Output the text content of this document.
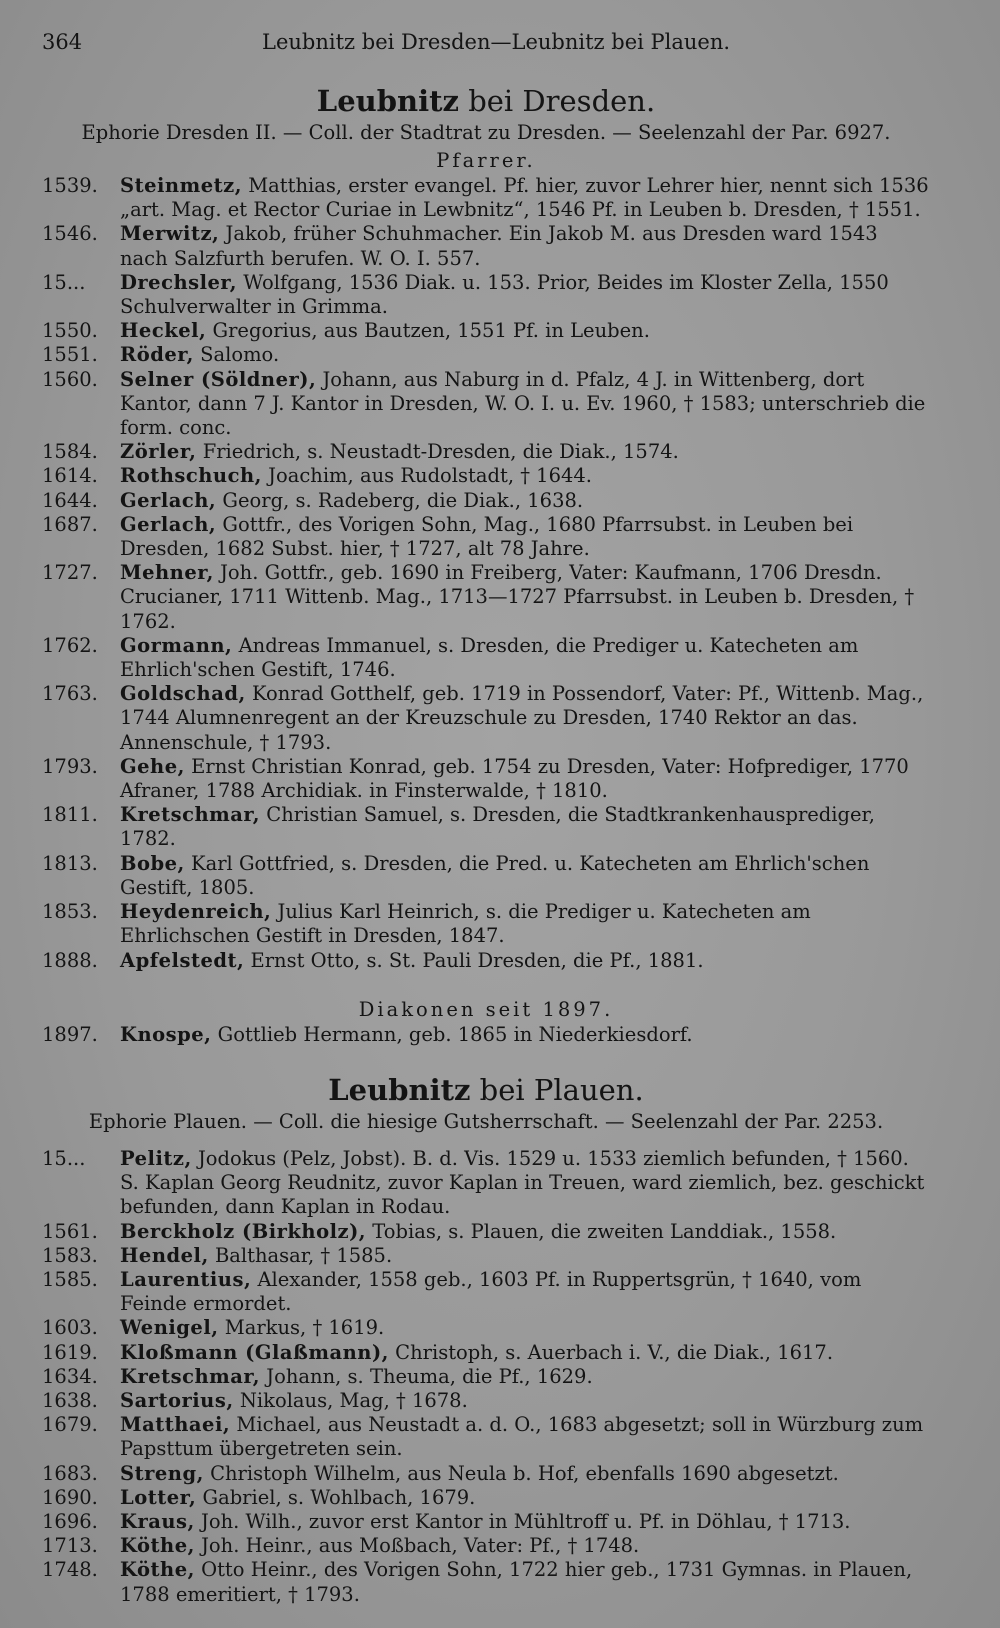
364	Leubnitz bei Dresden—Leubnitz bei Plauen.
Leubnitz bei Dresden.
Ephorie Dresden II. — Coll. der Stadtrat zu Dresden. — Seelenzahl der Par. 6927.
Pfarrer.
1539.	Steinmetz, Matthias, erster evangel. Pf. hier, zuvor Lehrer hier, nennt sich 1536 „art. Mag. et Rector Curiae in Lewbnitz“, 1546 Pf. in Leuben b. Dresden, † 1551.
1546.	Merwitz, Jakob, früher Schuhmacher. Ein Jakob M. aus Dresden ward 1543 nach Salzfurth berufen. W. O. I. 557.
15...	Drechsler, Wolfgang, 1536 Diak. u. 153. Prior, Beides im Kloster Zella, 1550 Schulverwalter in Grimma.
1550.	Heckel, Gregorius, aus Bautzen, 1551 Pf. in Leuben.
1551.	Röder, Salomo.
1560.	Selner (Söldner), Johann, aus Naburg in d. Pfalz, 4 J. in Wittenberg, dort Kantor, dann 7 J. Kantor in Dresden, W. O. I. u. Ev. 1960, † 1583; unterschrieb die form. conc.
1584.	Zörler, Friedrich, s. Neustadt-Dresden, die Diak., 1574.
1614.	Rothschuch, Joachim, aus Rudolstadt, † 1644.
1644.	Gerlach, Georg, s. Radeberg, die Diak., 1638.
1687.	Gerlach, Gottfr., des Vorigen Sohn, Mag., 1680 Pfarrsubst. in Leuben bei Dresden, 1682 Subst. hier, † 1727, alt 78 Jahre.
1727.	Mehner, Joh. Gottfr., geb. 1690 in Freiberg, Vater: Kaufmann, 1706 Dresdn. Crucianer, 1711 Wittenb. Mag., 1713—1727 Pfarrsubst. in Leuben b. Dresden, † 1762.
1762.	Gormann, Andreas Immanuel, s. Dresden, die Prediger u. Katecheten am Ehrlich'schen Gestift, 1746.
1763.	Goldschad, Konrad Gotthelf, geb. 1719 in Possendorf, Vater: Pf., Wittenb. Mag., 1744 Alumnenregent an der Kreuzschule zu Dresden, 1740 Rektor an das. Annenschule, † 1793.
1793.	Gehe, Ernst Christian Konrad, geb. 1754 zu Dresden, Vater: Hofprediger, 1770 Afraner, 1788 Archidiak. in Finsterwalde, † 1810.
1811.	Kretschmar, Christian Samuel, s. Dresden, die Stadtkrankenhausprediger, 1782.
1813.	Bobe, Karl Gottfried, s. Dresden, die Pred. u. Katecheten am Ehrlich'schen Gestift, 1805.
1853.	Heydenreich, Julius Karl Heinrich, s. die Prediger u. Katecheten am Ehrlichschen Gestift in Dresden, 1847.
1888.	Apfelstedt, Ernst Otto, s. St. Pauli Dresden, die Pf., 1881.
Diakonen seit 1897.
1897.	Knospe, Gottlieb Hermann, geb. 1865 in Niederkiesdorf.
Leubnitz bei Plauen.
Ephorie Plauen. — Coll. die hiesige Gutsherrschaft. — Seelenzahl der Par. 2253.
15...	Pelitz, Jodokus (Pelz, Jobst). B. d. Vis. 1529 u. 1533 ziemlich befunden, † 1560. S. Kaplan Georg Reudnitz, zuvor Kaplan in Treuen, ward ziemlich, bez. geschickt befunden, dann Kaplan in Rodau.
1561.	Berckholz (Birkholz), Tobias, s. Plauen, die zweiten Landdiak., 1558.
1583.	Hendel, Balthasar, † 1585.
1585.	Laurentius, Alexander, 1558 geb., 1603 Pf. in Ruppertsgrün, † 1640, vom Feinde ermordet.
1603.	Wenigel, Markus, † 1619.
1619.	Kloßmann (Glaßmann), Christoph, s. Auerbach i. V., die Diak., 1617.
1634.	Kretschmar, Johann, s. Theuma, die Pf., 1629.
1638.	Sartorius, Nikolaus, Mag, † 1678.
1679.	Matthaei, Michael, aus Neustadt a. d. O., 1683 abgesetzt; soll in Würzburg zum Papsttum übergetreten sein.
1683.	Streng, Christoph Wilhelm, aus Neula b. Hof, ebenfalls 1690 abgesetzt.
1690.	Lotter, Gabriel, s. Wohlbach, 1679.
1696.	Kraus, Joh. Wilh., zuvor erst Kantor in Mühltroff u. Pf. in Döhlau, † 1713.
1713.	Köthe, Joh. Heinr., aus Moßbach, Vater: Pf., † 1748.
1748.	Köthe, Otto Heinr., des Vorigen Sohn, 1722 hier geb., 1731 Gymnas. in Plauen, 1788 emeritiert, † 1793.
